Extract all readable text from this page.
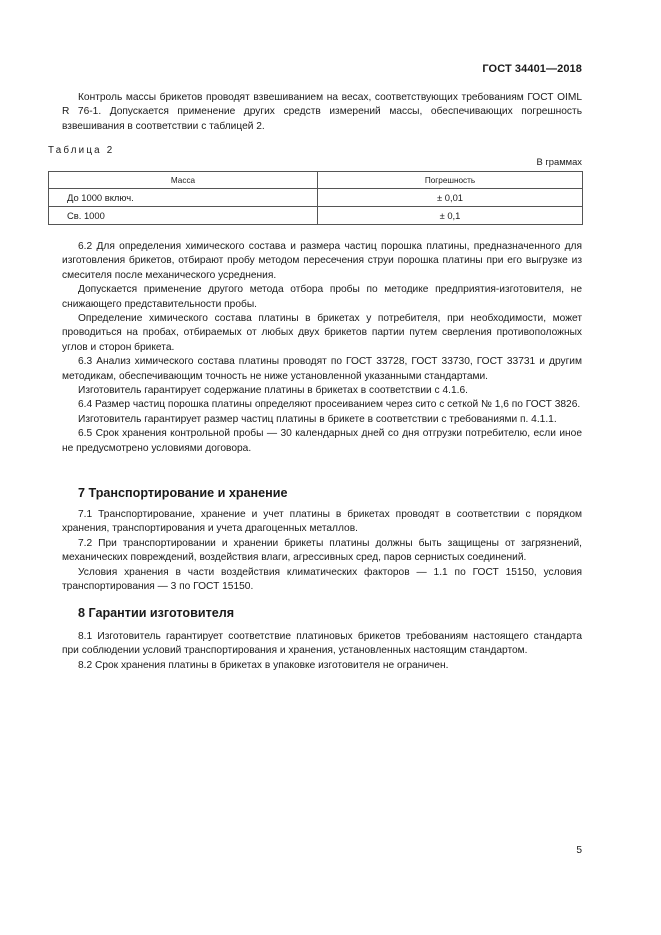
ГОСТ 34401—2018

Контроль массы брикетов проводят взвешиванием на весах, соответствующих требованиям ГОСТ OIML R 76-1. Допускается применение других средств измерений массы, обеспечивающих погрешность взвешивания в соответствии с таблицей 2.

Таблица 2
В граммах
Масса	Погрешность
До 1000 включ.	± 0,01
Св. 1000	± 0,1

6.2 Для определения химического состава и размера частиц порошка платины, предназначенного для изготовления брикетов, отбирают пробу методом пересечения струи порошка платины при его выгрузке из смесителя после механического усреднения.

Допускается применение другого метода отбора пробы по методике предприятия-изготовителя, не снижающего представительности пробы.

Определение химического состава платины в брикетах у потребителя, при необходимости, может проводиться на пробах, отбираемых от любых двух брикетов партии путем сверления противоположных углов и сторон брикета.

6.3 Анализ химического состава платины проводят по ГОСТ 33728, ГОСТ 33730, ГОСТ 33731 и другим методикам, обеспечивающим точность не ниже установленной указанными стандартами.

Изготовитель гарантирует содержание платины в брикетах в соответствии с 4.1.6.

6.4 Размер частиц порошка платины определяют просеиванием через сито с сеткой № 1,6 по ГОСТ 3826.

Изготовитель гарантирует размер частиц платины в брикете в соответствии с требованиями п. 4.1.1.

6.5 Срок хранения контрольной пробы — 30 календарных дней со дня отгрузки потребителю, если иное не предусмотрено условиями договора.

7 Транспортирование и хранение

7.1 Транспортирование, хранение и учет платины в брикетах проводят в соответствии с порядком хранения, транспортирования и учета драгоценных металлов.

7.2 При транспортировании и хранении брикеты платины должны быть защищены от загрязнений, механических повреждений, воздействия влаги, агрессивных сред, паров сернистых соединений.

Условия хранения в части воздействия климатических факторов — 1.1 по ГОСТ 15150, условия транспортирования — 3 по ГОСТ 15150.

8 Гарантии изготовителя

8.1 Изготовитель гарантирует соответствие платиновых брикетов требованиям настоящего стандарта при соблюдении условий транспортирования и хранения, установленных настоящим стандартом.

8.2 Срок хранения платины в брикетах в упаковке изготовителя не ограничен.

5
